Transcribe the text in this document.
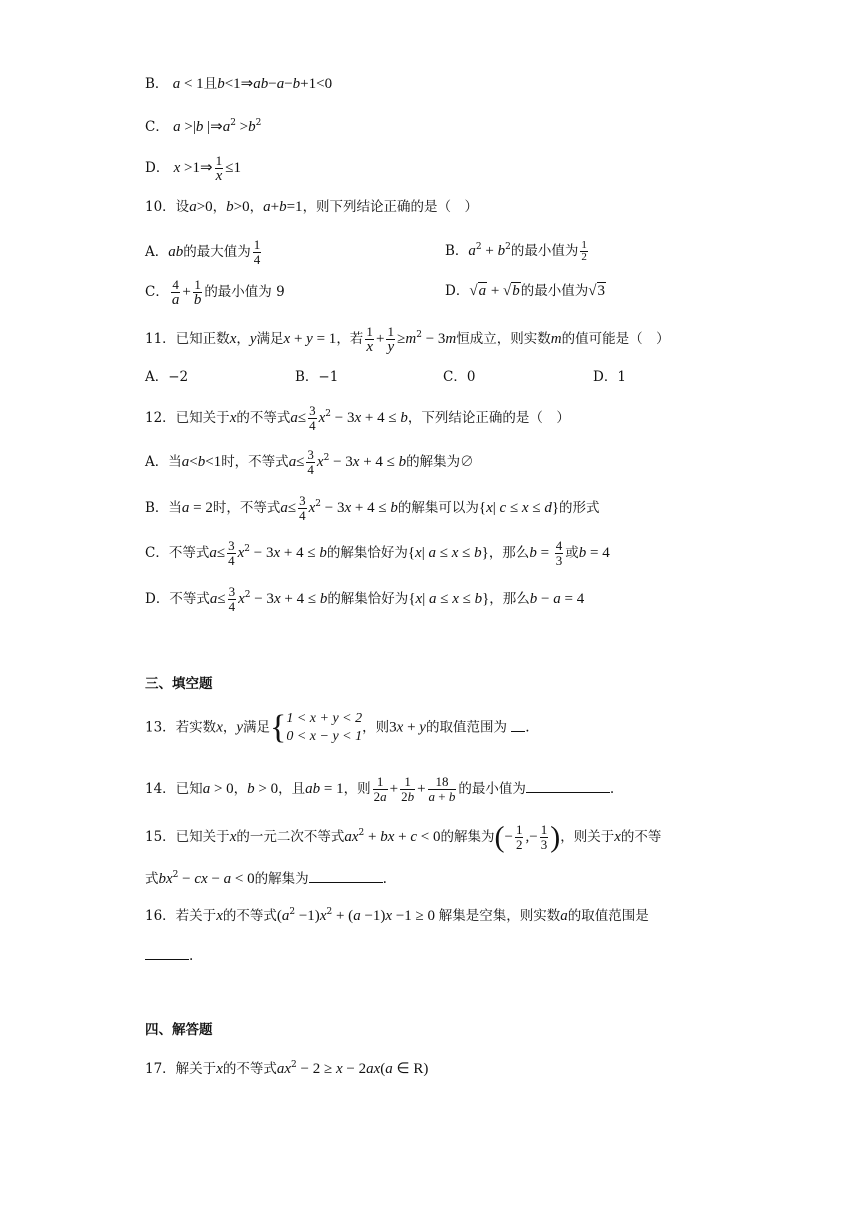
B． a < 1且b<1⇒ab−a−b+1<0
C． a >|b $|\Rightarrow a^2 >b^2$
D． x >1⇒ $\frac{1}{x} \le 1$
10．设a>0，b>0，a+b=1，则下列结论正确的是（　）
A．ab的最大值为 $\frac{1}{4}$	B．$a^2 + b^2$的最小值为 $\frac{1}{2}$
C． $\frac{4}{a} + \frac{1}{b}$ 的最小值为 9	D．√a + √b的最小值为√3
11．已知正数x，y满足x + y = 1，若 $\frac{1}{x} + \frac{1}{y} \ge m^2 - 3m$恒成立，则实数m的值可能是（　）
A．−2	B．−1	C．0	D．1
12．已知关于x的不等式$a\le \frac{3}{4} x^2 - 3x + 4 \le b$，下列结论正确的是（　）
A．当a<b<1时，不等式$a\le \frac{3}{4} x^2 - 3x + 4 \le b$的解集为∅
B．当a = 2时，不等式$a\le \frac{3}{4} x^2 - 3x + 4 \le b$的解集可以为{x| c ≤ x ≤ d}的形式
C．不等式$a\le \frac{3}{4} x^2 - 3x + 4 \le b$的解集恰好为{x| a ≤ x ≤ b}，那么$b = \frac{4}{3}$ 或b = 4
D．不等式$a\le \frac{3}{4} x^2 - 3x + 4 \le b$的解集恰好为{x| a ≤ x ≤ b}，那么b − a = 4
三、填空题
13．若实数x，y满足{ 1 < x + y < 2
0 < x − y < 1
，则3x + y的取值范围为 .
14．已知a > 0，b > 0，且ab = 1，则 $\frac{1}{2a} + \frac{1}{2b} + \frac{18}{a + b}$ 的最小值为	.
15．已知关于x的一元二次不等式$ax^2$ + bx + c < 0的解集为(− $\frac{1}{2}$ ,− $\frac{1}{3}$ )，则关于x的不等
式$bx^2$ − cx − a < 0的解集为	.
16．若关于x的不等式$(a^2 -1)x^2 + (a -1)x -1 \ge 0$ 解集是空集，则实数a的取值范围是
.
四、解答题
17．解关于x的不等式$ax^2 - 2 \ge x - 2ax(a$ ∈ R)
